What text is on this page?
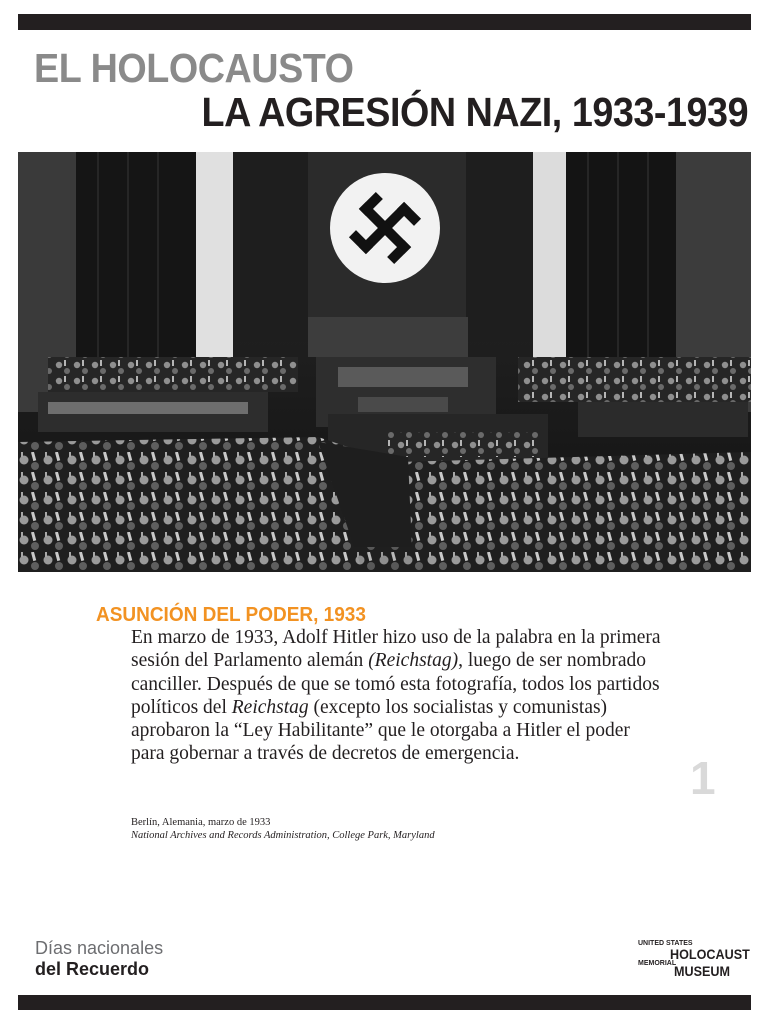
EL HOLOCAUSTO
LA AGRESIÓN NAZI, 1933-1939
ASUNCIÓN DEL PODER, 1933

En marzo de 1933, Adolf Hitler hizo uso de la palabra en la primera sesión del Parlamento alemán (Reichstag), luego de ser nombrado canciller. Después de que se tomó esta fotografía, todos los partidos políticos del Reichstag (excepto los socialistas y comunistas) aprobaron la “Ley Habilitante” que le otorgaba a Hitler el poder para gobernar a través de decretos de emergencia.

Berlín, Alemania, marzo de 1933

National Archives and Records Administration, College Park, Maryland

1

Días nacionales
del Recuerdo
UNITED STATES
HOLOCAUST
MEMORIAL
MUSEUM
